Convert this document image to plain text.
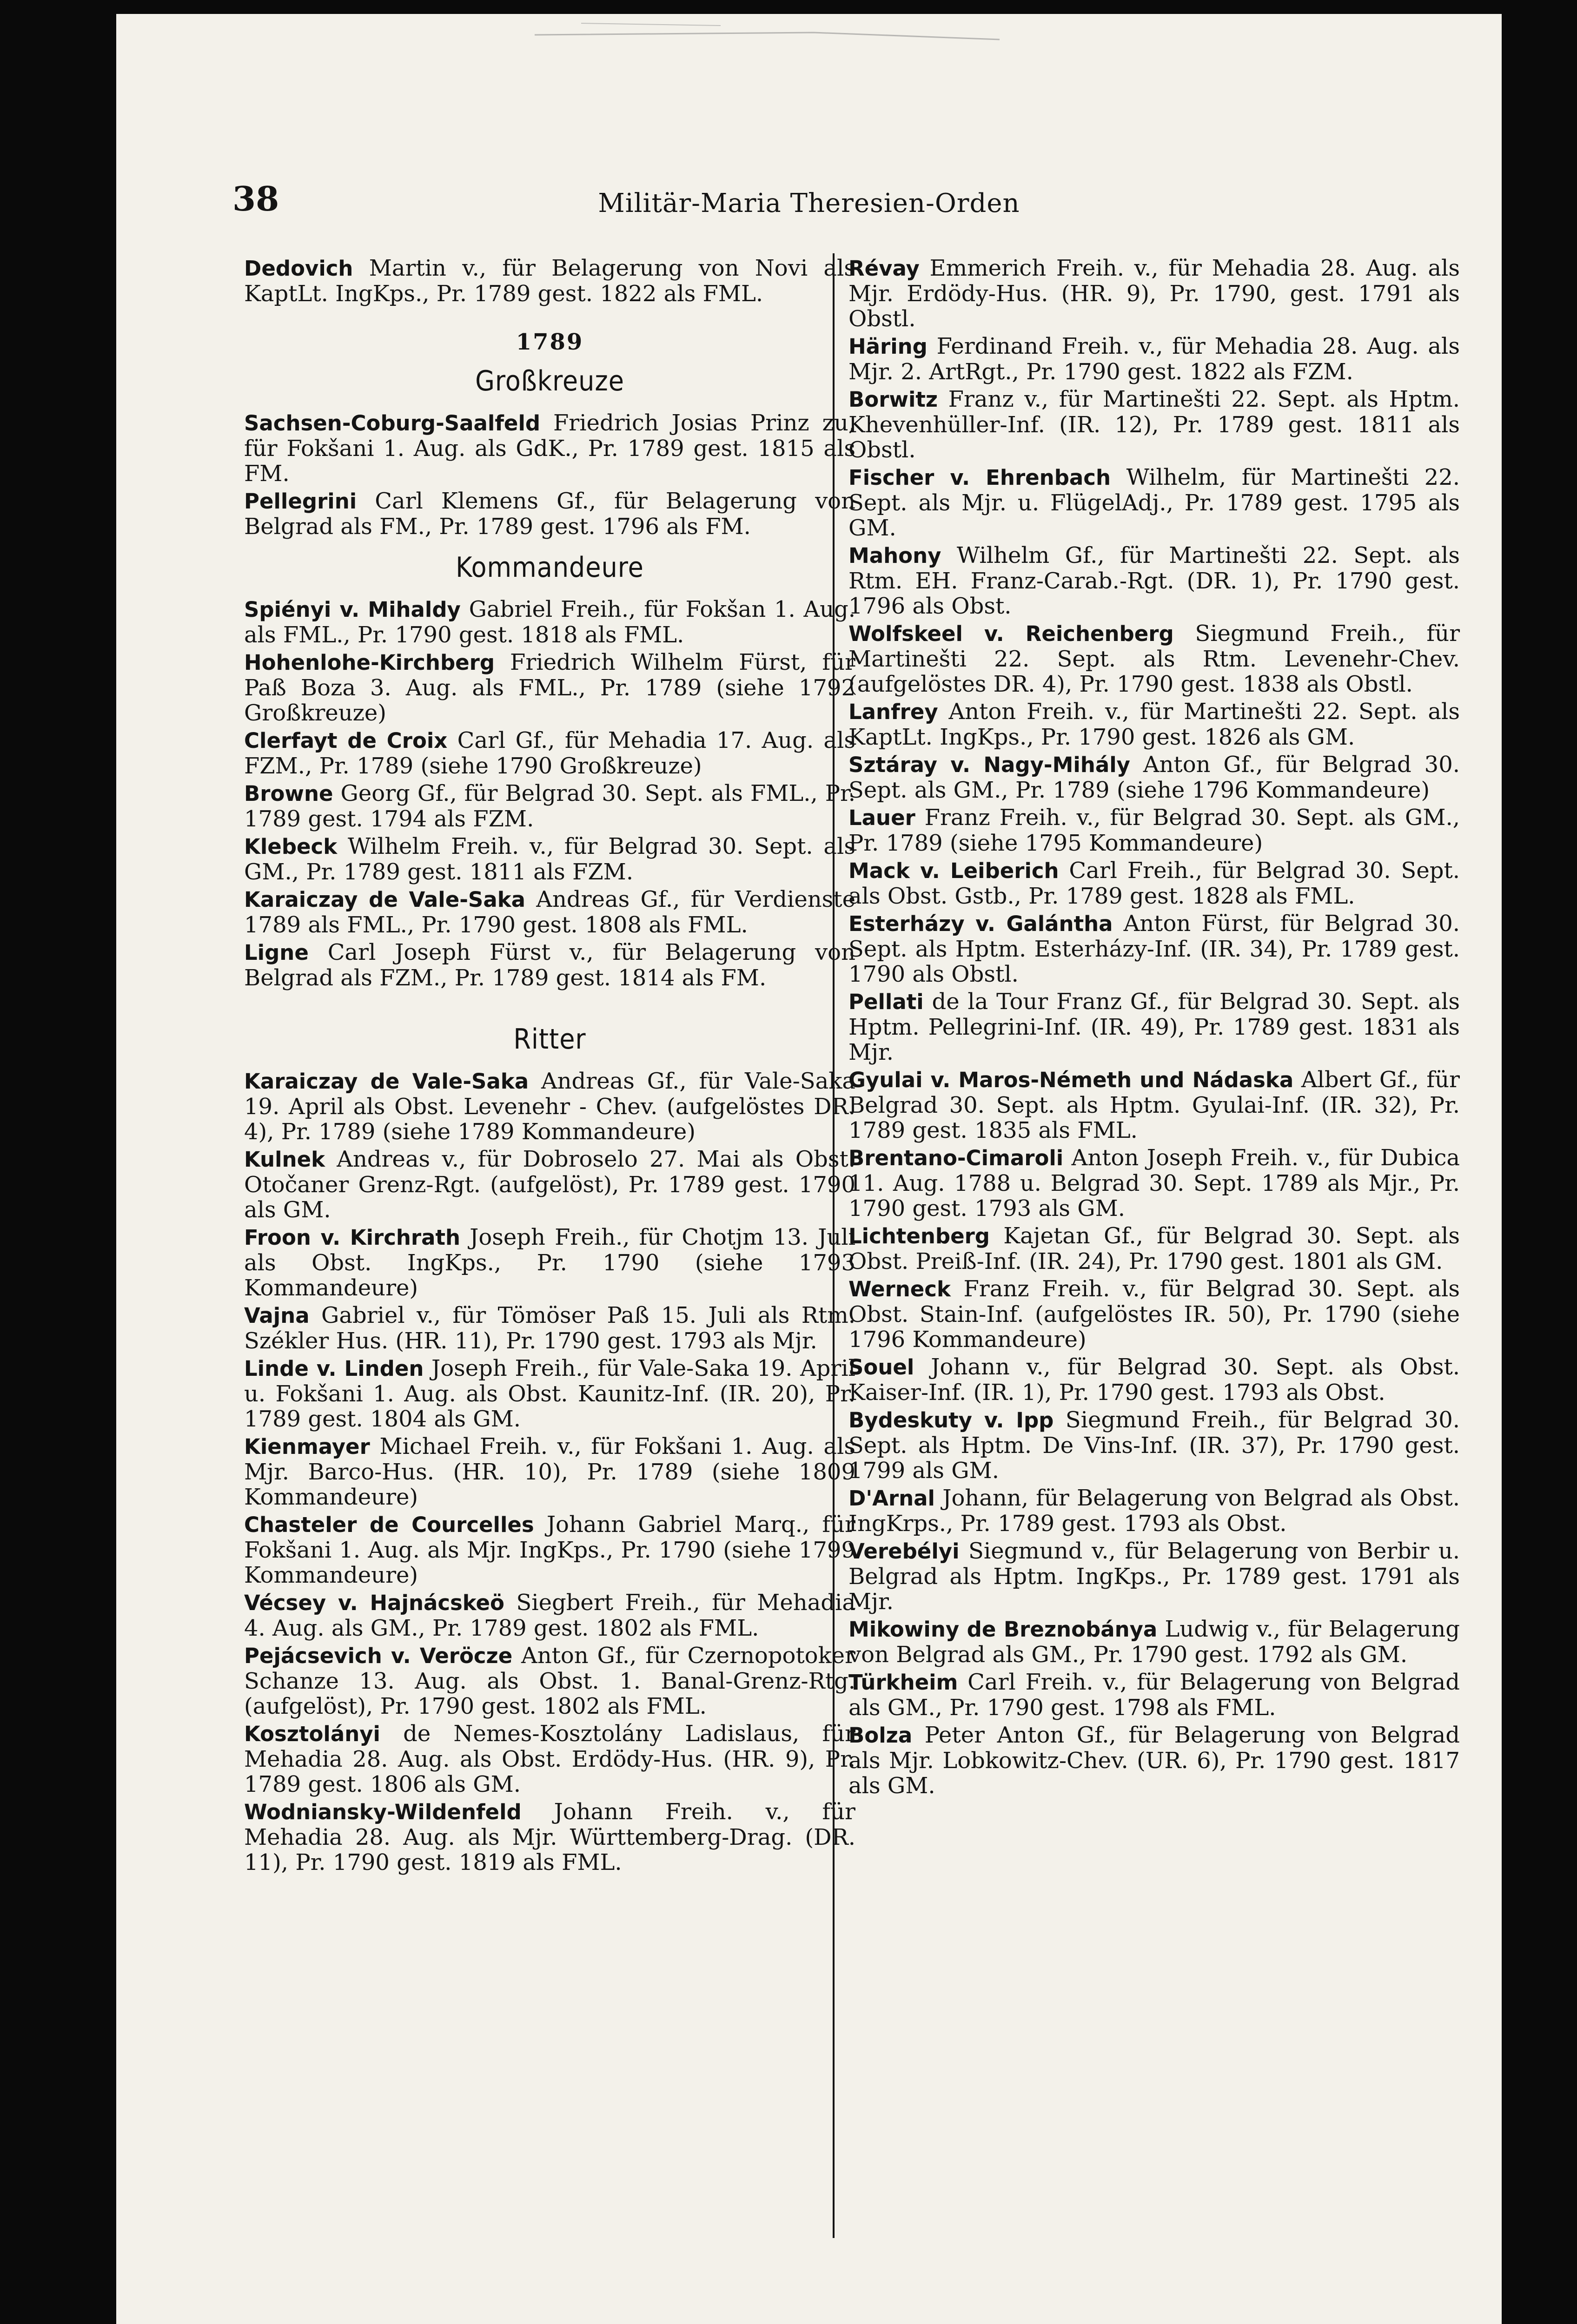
38	Militär-Maria Theresien-Orden

Dedovich Martin v., für Belagerung von Novi als KaptLt. IngKps., Pr. 1789 gest. 1822 als FML.

1789
Großkreuze

Sachsen-Coburg-Saalfeld Friedrich Josias Prinz zu, für Fokšani 1. Aug. als GdK., Pr. 1789 gest. 1815 als FM.

Pellegrini Carl Klemens Gf., für Belagerung von Belgrad als FM., Pr. 1789 gest. 1796 als FM.

Kommandeure

Spiényi v. Mihaldy Gabriel Freih., für Fokšan 1. Aug. als FML., Pr. 1790 gest. 1818 als FML.

Hohenlohe-Kirchberg Friedrich Wilhelm Fürst, für Paß Boza 3. Aug. als FML., Pr. 1789 (siehe 1792 Großkreuze)

Clerfayt de Croix Carl Gf., für Mehadia 17. Aug. als FZM., Pr. 1789 (siehe 1790 Großkreuze)

Browne Georg Gf., für Belgrad 30. Sept. als FML., Pr. 1789 gest. 1794 als FZM.

Klebeck Wilhelm Freih. v., für Belgrad 30. Sept. als GM., Pr. 1789 gest. 1811 als FZM.

Karaiczay de Vale-Saka Andreas Gf., für Verdienste 1789 als FML., Pr. 1790 gest. 1808 als FML.

Ligne Carl Joseph Fürst v., für Belagerung von Belgrad als FZM., Pr. 1789 gest. 1814 als FM.

Ritter

Karaiczay de Vale-Saka Andreas Gf., für Vale-Saka 19. April als Obst. Levenehr - Chev. (aufgelöstes DR. 4), Pr. 1789 (siehe 1789 Kommandeure)

Kulnek Andreas v., für Dobroselo 27. Mai als Obst. Otočaner Grenz-Rgt. (aufgelöst), Pr. 1789 gest. 1790 als GM.

Froon v. Kirchrath Joseph Freih., für Chotjm 13. Juli als Obst. IngKps., Pr. 1790 (siehe 1793 Kommandeure)

Vajna Gabriel v., für Tömöser Paß 15. Juli als Rtm. Székler Hus. (HR. 11), Pr. 1790 gest. 1793 als Mjr.

Linde v. Linden Joseph Freih., für Vale-Saka 19. April u. Fokšani 1. Aug. als Obst. Kaunitz-Inf. (IR. 20), Pr. 1789 gest. 1804 als GM.

Kienmayer Michael Freih. v., für Fokšani 1. Aug. als Mjr. Barco-Hus. (HR. 10), Pr. 1789 (siehe 1809 Kommandeure)

Chasteler de Courcelles Johann Gabriel Marq., für Fokšani 1. Aug. als Mjr. IngKps., Pr. 1790 (siehe 1799 Kommandeure)

Vécsey v. Hajnácskeö Siegbert Freih., für Mehadia 4. Aug. als GM., Pr. 1789 gest. 1802 als FML.

Pejácsevich v. Veröcze Anton Gf., für Czernopotoker Schanze 13. Aug. als Obst. 1. Banal-Grenz-Rtg. (aufgelöst), Pr. 1790 gest. 1802 als FML.

Kosztolányi de Nemes-Kosztolány Ladislaus, für Mehadia 28. Aug. als Obst. Erdödy-Hus. (HR. 9), Pr. 1789 gest. 1806 als GM.

Wodniansky-Wildenfeld Johann Freih. v., für Mehadia 28. Aug. als Mjr. Württemberg-Drag. (DR. 11), Pr. 1790 gest. 1819 als FML.

Révay Emmerich Freih. v., für Mehadia 28. Aug. als Mjr. Erdödy-Hus. (HR. 9), Pr. 1790, gest. 1791 als Obstl.

Häring Ferdinand Freih. v., für Mehadia 28. Aug. als Mjr. 2. ArtRgt., Pr. 1790 gest. 1822 als FZM.

Borwitz Franz v., für Martinešti 22. Sept. als Hptm. Khevenhüller-Inf. (IR. 12), Pr. 1789 gest. 1811 als Obstl.

Fischer v. Ehrenbach Wilhelm, für Martinešti 22. Sept. als Mjr. u. FlügelAdj., Pr. 1789 gest. 1795 als GM.

Mahony Wilhelm Gf., für Martinešti 22. Sept. als Rtm. EH. Franz-Carab.-Rgt. (DR. 1), Pr. 1790 gest. 1796 als Obst.

Wolfskeel v. Reichenberg Siegmund Freih., für Martinešti 22. Sept. als Rtm. Levenehr-Chev. (aufgelöstes DR. 4), Pr. 1790 gest. 1838 als Obstl.

Lanfrey Anton Freih. v., für Martinešti 22. Sept. als KaptLt. IngKps., Pr. 1790 gest. 1826 als GM.

Sztáray v. Nagy-Mihály Anton Gf., für Belgrad 30. Sept. als GM., Pr. 1789 (siehe 1796 Kommandeure)

Lauer Franz Freih. v., für Belgrad 30. Sept. als GM., Pr. 1789 (siehe 1795 Kommandeure)

Mack v. Leiberich Carl Freih., für Belgrad 30. Sept. als Obst. Gstb., Pr. 1789 gest. 1828 als FML.

Esterházy v. Galántha Anton Fürst, für Belgrad 30. Sept. als Hptm. Esterházy-Inf. (IR. 34), Pr. 1789 gest. 1790 als Obstl.

Pellati de la Tour Franz Gf., für Belgrad 30. Sept. als Hptm. Pellegrini-Inf. (IR. 49), Pr. 1789 gest. 1831 als Mjr.

Gyulai v. Maros-Németh und Nádaska Albert Gf., für Belgrad 30. Sept. als Hptm. Gyulai-Inf. (IR. 32), Pr. 1789 gest. 1835 als FML.

Brentano-Cimaroli Anton Joseph Freih. v., für Dubica 11. Aug. 1788 u. Belgrad 30. Sept. 1789 als Mjr., Pr. 1790 gest. 1793 als GM.

Lichtenberg Kajetan Gf., für Belgrad 30. Sept. als Obst. Preiß-Inf. (IR. 24), Pr. 1790 gest. 1801 als GM.

Werneck Franz Freih. v., für Belgrad 30. Sept. als Obst. Stain-Inf. (aufgelöstes IR. 50), Pr. 1790 (siehe 1796 Kommandeure)

Souel Johann v., für Belgrad 30. Sept. als Obst. Kaiser-Inf. (IR. 1), Pr. 1790 gest. 1793 als Obst.

Bydeskuty v. Ipp Siegmund Freih., für Belgrad 30. Sept. als Hptm. De Vins-Inf. (IR. 37), Pr. 1790 gest. 1799 als GM.

D'Arnal Johann, für Belagerung von Belgrad als Obst. IngKrps., Pr. 1789 gest. 1793 als Obst.

Verebélyi Siegmund v., für Belagerung von Berbir u. Belgrad als Hptm. IngKps., Pr. 1789 gest. 1791 als Mjr.

Mikowiny de Breznobánya Ludwig v., für Belagerung von Belgrad als GM., Pr. 1790 gest. 1792 als GM.

Türkheim Carl Freih. v., für Belagerung von Belgrad als GM., Pr. 1790 gest. 1798 als FML.

Bolza Peter Anton Gf., für Belagerung von Belgrad als Mjr. Lobkowitz-Chev. (UR. 6), Pr. 1790 gest. 1817 als GM.
